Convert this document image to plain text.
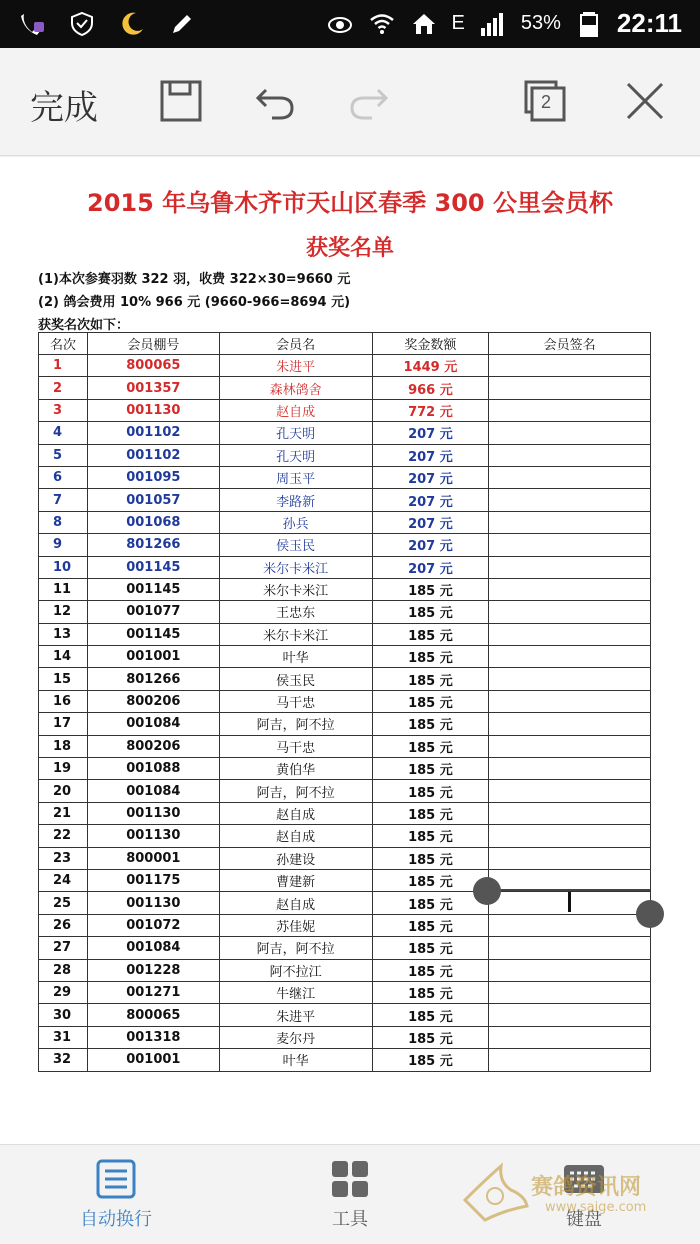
E	53% 22:11
完成	2
2015 年乌鲁木齐市天山区春季 300 公里会员杯
获奖名单
(1)本次参赛羽数 322 羽，收费 322×30=9660 元
(2) 鸽会费用 10% 966 元 (9660-966=8694 元)
获奖名次如下：
名次	会员棚号	会员名	奖金数额	会员签名
1	800065	朱进平	1449 元	
2	001357	森林鸽舍	966 元	
3	001130	赵自成	772 元	
4	001102	孔天明	207 元	
5	001102	孔天明	207 元	
6	001095	周玉平	207 元	
7	001057	李路新	207 元	
8	001068	孙兵	207 元	
9	801266	侯玉民	207 元	
10	001145	米尔卡米江	207 元	
11	001145	米尔卡米江	185 元	
12	001077	王忠东	185 元	
13	001145	米尔卡米江	185 元	
14	001001	叶华	185 元	
15	801266	侯玉民	185 元	
16	800206	马干忠	185 元	
17	001084	阿吉，阿不拉	185 元	
18	800206	马干忠	185 元	
19	001088	黄伯华	185 元	
20	001084	阿吉，阿不拉	185 元	
21	001130	赵自成	185 元	
22	001130	赵自成	185 元	
23	800001	孙建设	185 元	
24	001175	曹建新	185 元	
25	001130	赵自成	185 元	
26	001072	苏佳妮	185 元	
27	001084	阿吉，阿不拉	185 元	
28	001228	阿不拉江	185 元	
29	001271	牛继江	185 元	
30	800065	朱进平	185 元	
31	001318	麦尔丹	185 元	
32	001001	叶华	185 元	
自动换行	工具	键盘
赛鸽资讯网
www.saige.com
